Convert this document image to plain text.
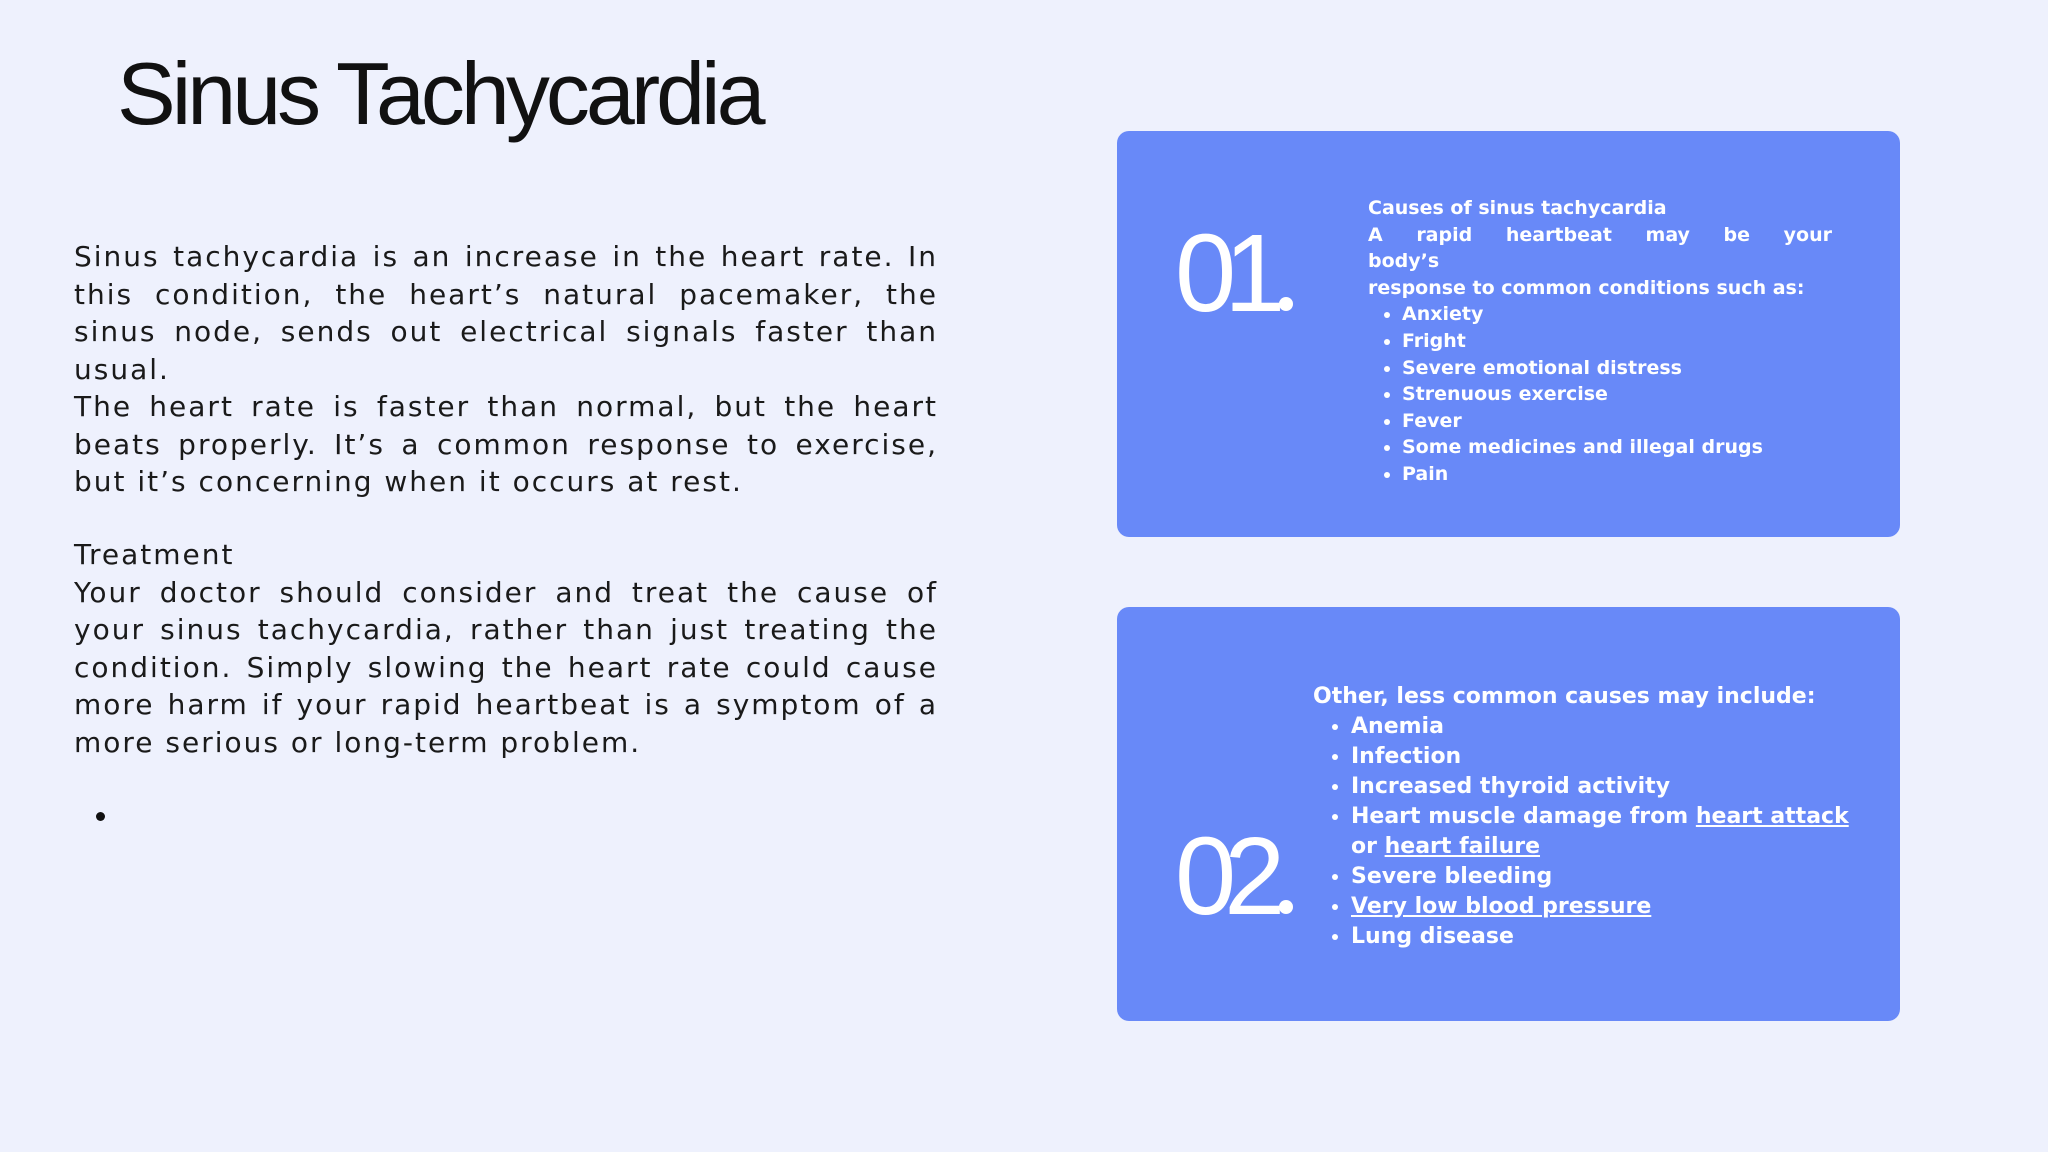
Sinus Tachycardia

Sinus tachycardia is an increase in the heart rate. In this condition, the heart’s natural pacemaker, the sinus node, sends out electrical signals faster than usual.

The heart rate is faster than normal, but the heart beats properly. It’s a common response to exercise, but it’s concerning when it occurs at rest.

Treatment

Your doctor should consider and treat the cause of your sinus tachycardia, rather than just treating the condition. Simply slowing the heart rate could cause more harm if your rapid heartbeat is a symptom of a more serious or long-term problem.

01

Causes of sinus tachycardia

A rapid heartbeat may be your body’s

response to common conditions such as:

• Anxiety
• Fright
• Severe emotional distress
• Strenuous exercise
• Fever
• Some medicines and illegal drugs
• Pain
02

Other, less common causes may include:

• Anemia
• Infection
• Increased thyroid activity
• Heart muscle damage from heart attack or heart failure
• Severe bleeding
• Very low blood pressure
• Lung disease
